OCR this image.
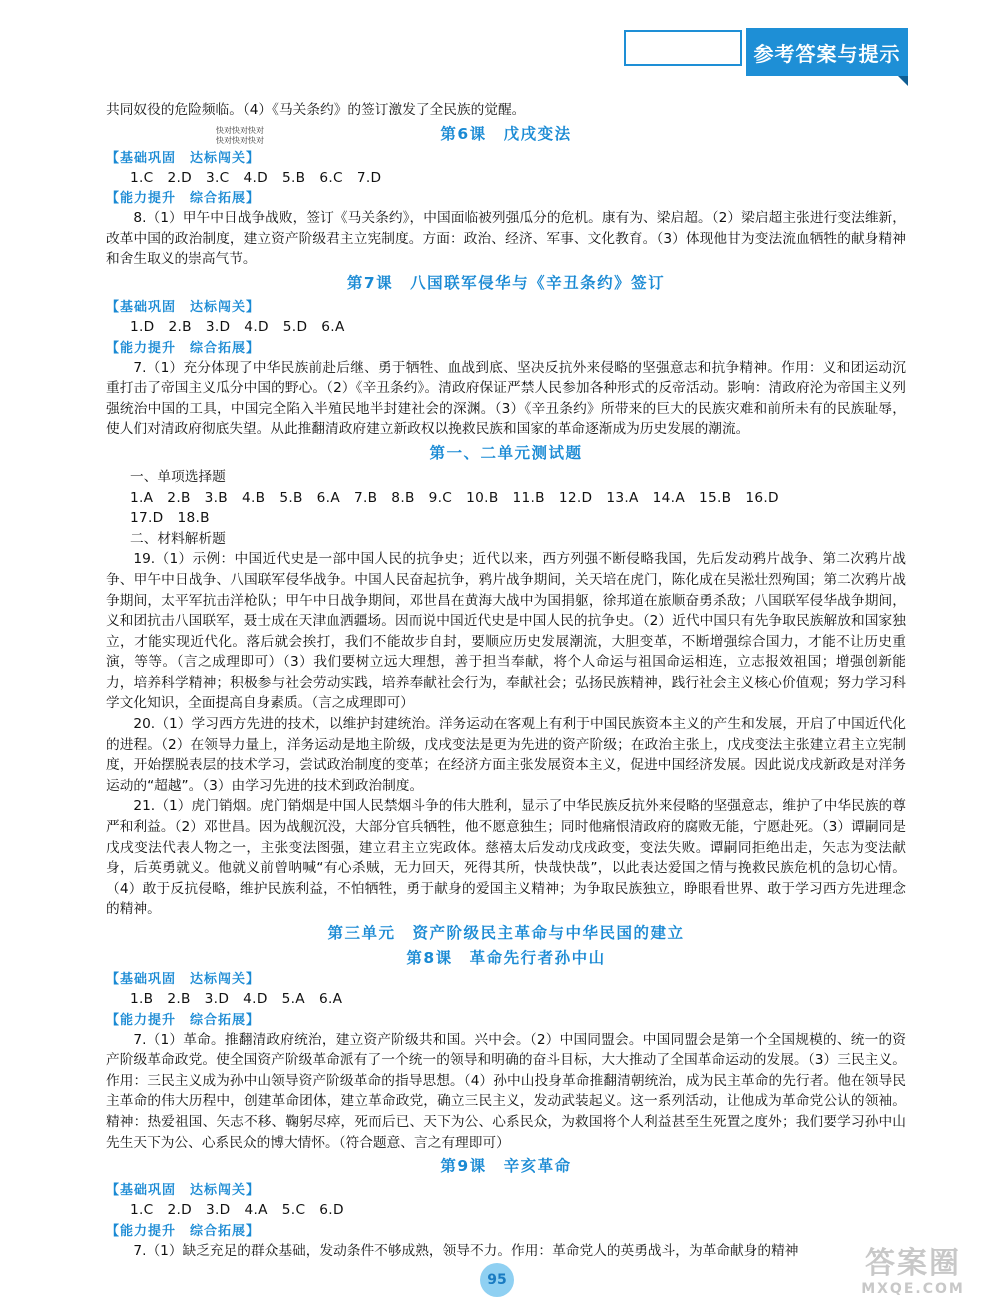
参考答案与提示
快对快对快对
快对快对快对

共同奴役的危险频临。（4）《马关条约》的签订激发了全民族的觉醒。

第6课　戊戌变法
【基础巩固　达标闯关】
1.C　2.D　3.C　4.D　5.B　6.C　7.D
【能力提升　综合拓展】

8.（1）甲午中日战争战败，签订《马关条约》，中国面临被列强瓜分的危机。康有为、梁启超。（2）梁启超主张进行变法维新，改革中国的政治制度，建立资产阶级君主立宪制度。方面：政治、经济、军事、文化教育。（3）体现他甘为变法流血牺牲的献身精神和舍生取义的崇高气节。

第7课　八国联军侵华与《辛丑条约》签订
【基础巩固　达标闯关】
1.D　2.B　3.D　4.D　5.D　6.A
【能力提升　综合拓展】

7.（1）充分体现了中华民族前赴后继、勇于牺牲、血战到底、坚决反抗外来侵略的坚强意志和抗争精神。作用：义和团运动沉重打击了帝国主义瓜分中国的野心。（2）《辛丑条约》。清政府保证严禁人民参加各种形式的反帝活动。影响：清政府沦为帝国主义列强统治中国的工具，中国完全陷入半殖民地半封建社会的深渊。（3）《辛丑条约》所带来的巨大的民族灾难和前所未有的民族耻辱，使人们对清政府彻底失望。从此推翻清政府建立新政权以挽救民族和国家的革命逐渐成为历史发展的潮流。

第一、二单元测试题
一、单项选择题
1.A　2.B　3.B　4.B　5.B　6.A　7.B　8.B　9.C　10.B　11.B　12.D　13.A　14.A　15.B　16.D
17.D　18.B
二、材料解析题

19.（1）示例：中国近代史是一部中国人民的抗争史；近代以来，西方列强不断侵略我国，先后发动鸦片战争、第二次鸦片战争、甲午中日战争、八国联军侵华战争。中国人民奋起抗争，鸦片战争期间，关天培在虎门，陈化成在吴淞壮烈殉国；第二次鸦片战争期间，太平军抗击洋枪队；甲午中日战争期间，邓世昌在黄海大战中为国捐躯，徐邦道在旅顺奋勇杀敌；八国联军侵华战争期间，义和团抗击八国联军，聂士成在天津血洒疆场。因而说中国近代史是中国人民的抗争史。（2）近代中国只有先争取民族解放和国家独立，才能实现近代化。落后就会挨打，我们不能故步自封，要顺应历史发展潮流，大胆变革，不断增强综合国力，才能不让历史重演，等等。（言之成理即可）（3）我们要树立远大理想，善于担当奉献，将个人命运与祖国命运相连，立志报效祖国；增强创新能力，培养科学精神；积极参与社会劳动实践，培养奉献社会行为，奉献社会；弘扬民族精神，践行社会主义核心价值观；努力学习科学文化知识，全面提高自身素质。（言之成理即可）

20.（1）学习西方先进的技术，以维护封建统治。洋务运动在客观上有利于中国民族资本主义的产生和发展，开启了中国近代化的进程。（2）在领导力量上，洋务运动是地主阶级，戊戌变法是更为先进的资产阶级；在政治主张上，戊戌变法主张建立君主立宪制度，开始摆脱表层的技术学习，尝试政治制度的变革；在经济方面主张发展资本主义，促进中国经济发展。因此说戊戌新政是对洋务运动的“超越”。（3）由学习先进的技术到政治制度。

21.（1）虎门销烟。虎门销烟是中国人民禁烟斗争的伟大胜利，显示了中华民族反抗外来侵略的坚强意志，维护了中华民族的尊严和利益。（2）邓世昌。因为战舰沉没，大部分官兵牺牲，他不愿意独生；同时他痛恨清政府的腐败无能，宁愿赴死。（3）谭嗣同是戊戌变法代表人物之一，主张变法图强，建立君主立宪政体。慈禧太后发动戊戌政变，变法失败。谭嗣同拒绝出走，矢志为变法献身，后英勇就义。他就义前曾呐喊“有心杀贼，无力回天，死得其所，快哉快哉”，以此表达爱国之情与挽救民族危机的急切心情。（4）敢于反抗侵略，维护民族利益，不怕牺牲，勇于献身的爱国主义精神；为争取民族独立，睁眼看世界、敢于学习西方先进理念的精神。

第三单元　资产阶级民主革命与中华民国的建立
第8课　革命先行者孙中山
【基础巩固　达标闯关】
1.B　2.B　3.D　4.D　5.A　6.A
【能力提升　综合拓展】

7.（1）革命。推翻清政府统治，建立资产阶级共和国。兴中会。（2）中国同盟会。中国同盟会是第一个全国规模的、统一的资产阶级革命政党。使全国资产阶级革命派有了一个统一的领导和明确的奋斗目标，大大推动了全国革命运动的发展。（3）三民主义。作用：三民主义成为孙中山领导资产阶级革命的指导思想。（4）孙中山投身革命推翻清朝统治，成为民主革命的先行者。他在领导民主革命的伟大历程中，创建革命团体，建立革命政党，确立三民主义，发动武装起义。这一系列活动，让他成为革命党公认的领袖。精神：热爱祖国、矢志不移、鞠躬尽瘁，死而后已、天下为公、心系民众，为救国将个人利益甚至生死置之度外；我们要学习孙中山先生天下为公、心系民众的博大情怀。（符合题意、言之有理即可）

第9课　辛亥革命
【基础巩固　达标闯关】
1.C　2.D　3.D　4.A　5.C　6.D
【能力提升　综合拓展】

7.（1）缺乏充足的群众基础，发动条件不够成熟，领导不力。作用：革命党人的英勇战斗，为革命献身的精神

95	答案圈
MXQE.COM
